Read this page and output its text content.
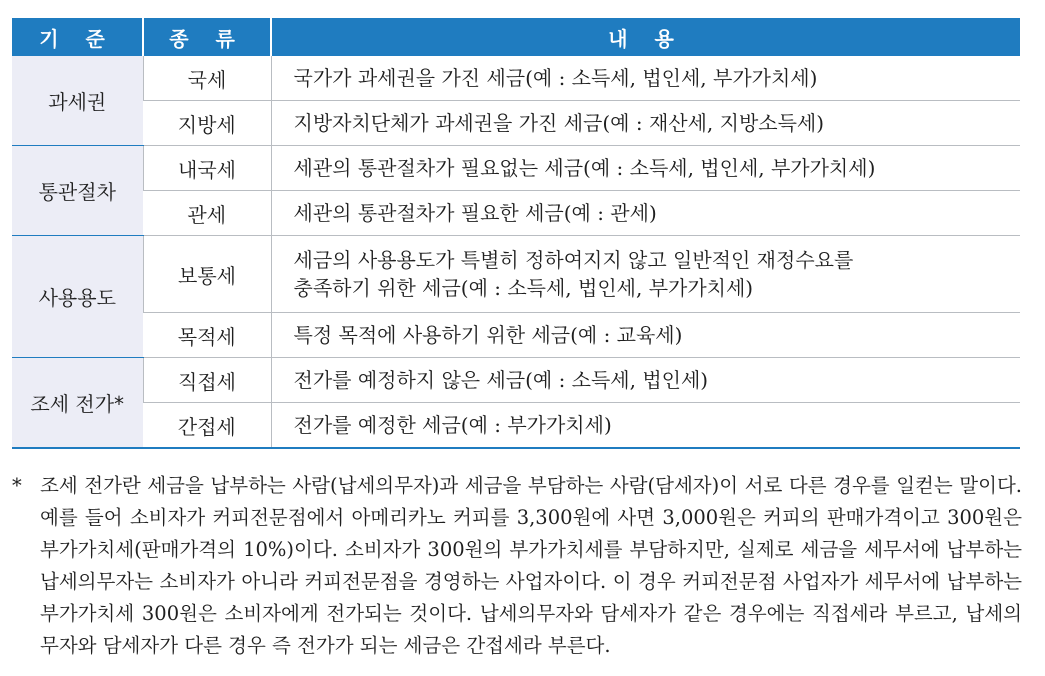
기 준	종 류	내 용
과세권	국세	국가가 과세권을 가진 세금(예 : 소득세, 법인세, 부가가치세)
	지방세	지방자치단체가 과세권을 가진 세금(예 : 재산세, 지방소득세)
통관절차	내국세	세관의 통관절차가 필요없는 세금(예 : 소득세, 법인세, 부가가치세)
	관세	세관의 통관절차가 필요한 세금(예 : 관세)
사용용도	보통세	세금의 사용용도가 특별히 정하여지지 않고 일반적인 재정수요를
충족하기 위한 세금(예 : 소득세, 법인세, 부가가치세)
	목적세	특정 목적에 사용하기 위한 세금(예 : 교육세)
조세 전가*	직접세	전가를 예정하지 않은 세금(예 : 소득세, 법인세)
	간접세	전가를 예정한 세금(예 : 부가가치세)
* 조세 전가란 세금을 납부하는 사람(납세의무자)과 세금을 부담하는 사람(담세자)이 서로 다른 경우를 일컫는 말이다. 예를 들어 소비자가 커피전문점에서 아메리카노 커피를 3,300원에 사면 3,000원은 커피의 판매가격이고 300원은 부가가치세(판매가격의 10%)이다. 소비자가 300원의 부가가치세를 부담하지만, 실제로 세금을 세무서에 납부하는 납세의무자는 소비자가 아니라 커피전문점을 경영하는 사업자이다. 이 경우 커피전문점 사업자가 세무서에 납부하는 부가가치세 300원은 소비자에게 전가되는 것이다. 납세의무자와 담세자가 같은 경우에는 직접세라 부르고, 납세의무자와 담세자가 다른 경우 즉 전가가 되는 세금은 간접세라 부른다.
